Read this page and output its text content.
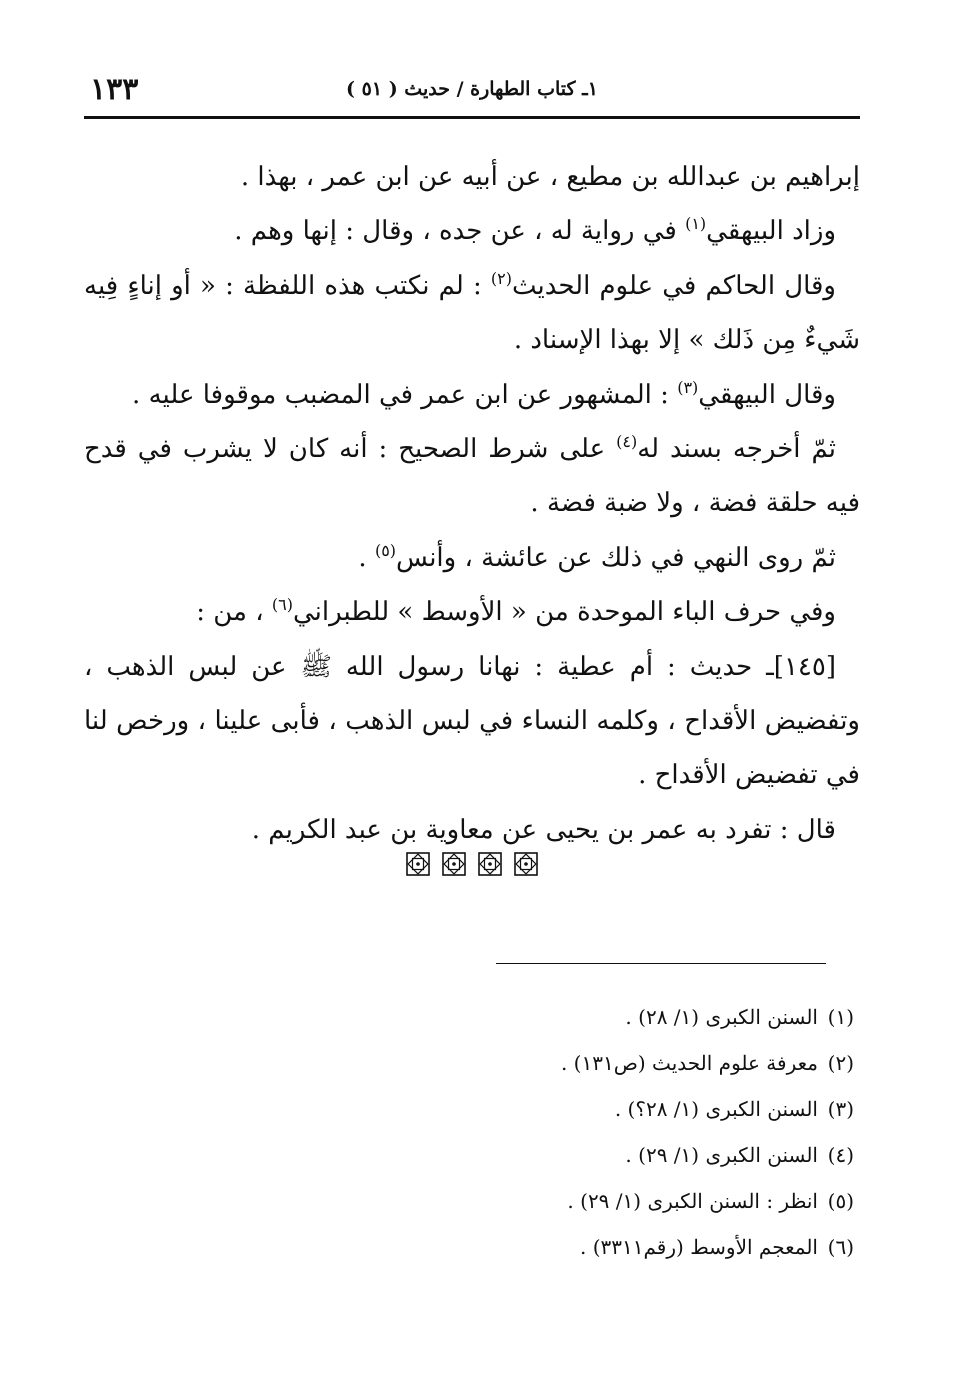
١ـ كتاب الطهارة / حديث ( ٥١ )
١٣٣

إبراهيم بن عبدالله بن مطيع ، عن أبيه عن ابن عمر ، بهذا .

وزاد البيهقي$^{(١)}$ في رواية له ، عن جده ، وقال : إنها وهم .

وقال الحاكم في علوم الحديث$^{(٢)}$ : لم نكتب هذه اللفظة : « أو إناءٍ فِيه شَيءٌ مِن ذَلك » إلا بهذا الإسناد .

وقال البيهقي$^{(٣)}$ : المشهور عن ابن عمر في المضبب موقوفا عليه .

ثمّ أخرجه بسند له$^{(٤)}$ على شرط الصحيح : أنه كان لا يشرب في قدح فيه حلقة فضة ، ولا ضبة فضة .

ثمّ روى النهي في ذلك عن عائشة ، وأنس$^{(٥)}$ .

وفي حرف الباء الموحدة من « الأوسط » للطبراني$^{(٦)}$ ، من :

[١٤٥]ـ حديث : أم عطية : نهانا رسول الله ﷺ عن لبس الذهب ، وتفضيض الأقداح ، وكلمه النساء في لبس الذهب ، فأبى علينا ، ورخص لنا في تفضيض الأقداح .

قال : تفرد به عمر بن يحيى عن معاوية بن عبد الكريم .

(١)السنن الكبرى (١/ ٢٨) .
(٢)معرفة علوم الحديث (ص١٣١) .
(٣)السنن الكبرى (١/ ٢٨؟) .
(٤)السنن الكبرى (١/ ٢٩) .
(٥)انظر : السنن الكبرى (١/ ٢٩) .
(٦)المعجم الأوسط (رقم٣٣١١) .
